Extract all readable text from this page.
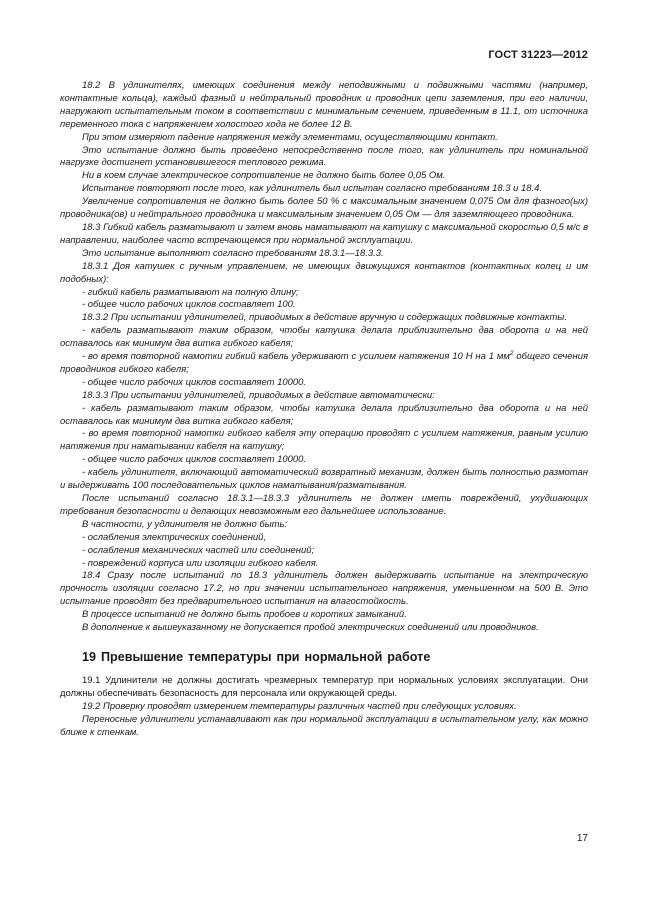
ГОСТ 31223—2012

18.2 В удлинителях, имеющих соединения между неподвижными и подвижными частями (например, контактные кольца), каждый фазный и нейтральный проводник и проводник цепи заземления, при его наличии, нагружают испытательным током в соответствии с минимальным сечением, приведенным в 11.1, от источника переменного тока с напряжением холостого хода не более 12 В.

При этом измеряют падение напряжения между элементами, осуществляющими контакт.

Это испытание должно быть проведено непосредственно после того, как удлинитель при номинальной нагрузке достигнет установившегося теплового режима.

Ни в коем случае электрическое сопротивление не должно быть более 0,05 Ом.

Испытание повторяют после того, как удлинитель был испытан согласно требованиям 18.3 и 18.4.

Увеличение сопротивления не должно быть более 50 % с максимальным значением 0,075 Ом для фазного(ых) проводника(ов) и нейтрального проводника и максимальным значением 0,05 Ом — для заземляющего проводника.

18.3 Гибкий кабель разматывают и затем вновь наматывают на катушку с максимальной скоростью 0,5 м/с в направлении, наиболее часто встречающемся при нормальной эксплуатации.

Это испытание выполняют согласно требованиям 18.3.1—18.3.3.

18.3.1 Доя катушек с ручным управлением, не имеющих движущихся контактов (контактных колец и им подобных):

- гибкий кабель разматывают на полную длину;

- общее число рабочих циклов составляет 100.

18.3.2 При испытании удлинителей, приводимых в действие вручную и содержащих подвижные контакты.

- кабель разматывают таким образом, чтобы катушка делала приблизительно два оборота и на ней оставалось как минимум два витка гибкого кабеля;

- во время повторной намотки гибкий кабель удерживают с усилием натяжения 10 Н на 1 $мм^2$ общего сечения проводников гибкого кабеля;

- общее число рабочих циклов составляет 10000.

18.3.3 При испытании удлинителей, приводимых в действие автоматически:

- кабель разматывают таким образом, чтобы катушка делала приблизительно два оборота и на ней оставалось как минимум два витка гибкого кабеля;

- во время повторной намотки гибкого кабеля эту операцию проводят с усилием натяжения, равным усилию натяжения при наматывании кабеля на катушку;

- общее число рабочих циклов составляет 10000.

- кабель удлинителя, включающий автоматический возвратный механизм, должен быть полностью размотан и выдерживать 100 последовательных циклов наматывания/разматывания.

После испытаний согласно 18.3.1—18.3.3 удлинитель не должен иметь повреждений, ухудшающих требования безопасности и делающих невозможным его дальнейшее использование.

В частности, у удлинителя не должно быть:

- ослабления электрических соединений,

- ослабления механических частей или соединений;

- повреждений корпуса или изоляции гибкого кабеля.

18.4 Сразу после испытаний по 18.3 удлинитель должен выдерживать испытание на электрическую прочность изоляции согласно 17.2, но при значении испытательного напряжения, уменьшенном на 500 В. Это испытание проводят без предварительного испытания на влагостойкость.

В процессе испытаний не должно быть пробоев и коротких замыканий.

В дополнение к вышеуказанному не допускается пробой электрических соединений или проводников.

19 Превышение температуры при нормальной работе

19.1 Удлинители не должны достигать чрезмерных температур при нормальных условиях эксплуатации. Они должны обеспечивать безопасность для персонала или окружающей среды.

19.2 Проверку проводят измерением температуры различных частей при следующих условиях.

Переносные удлинители устанавливают как при нормальной эксплуатации в испытательном углу, как можно ближе к стенкам.

17
